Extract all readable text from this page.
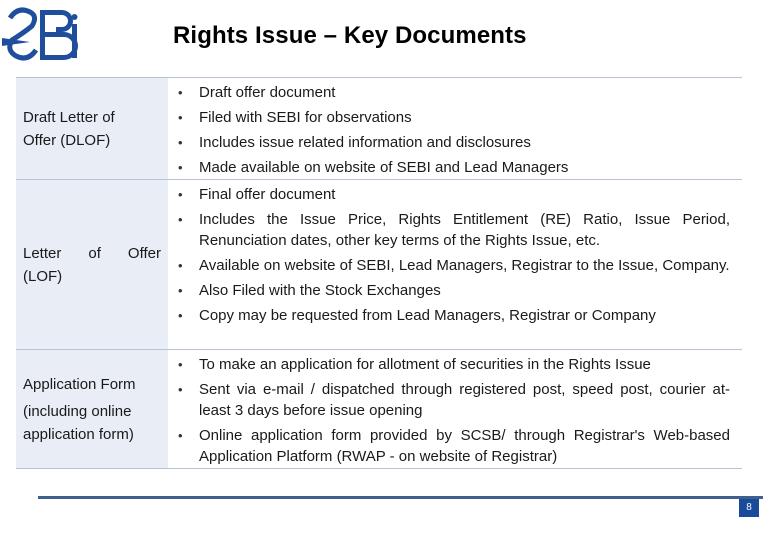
Rights Issue – Key Documents
Draft Letter of
Offer (DLOF)
•	Draft offer document
•	Filed with SEBI for observations
•	Includes issue related information and disclosures
•	Made available on website of SEBI and Lead Managers
Letter of Offer
(LOF)
•	Final offer document
•	Includes the Issue Price, Rights Entitlement (RE) Ratio, Issue Period, Renunciation dates, other key terms of the Rights Issue, etc.
•	Available on website of SEBI, Lead Managers, Registrar to the Issue, Company.
•	Also Filed with the Stock Exchanges
•	Copy may be requested from Lead Managers, Registrar or Company
Application Form
(including online
application form)
•	To make an application for allotment of securities in the Rights Issue
•	Sent via e-mail / dispatched through registered post, speed post, courier at-least 3 days before issue opening
•	Online application form provided by SCSB/ through Registrar's Web-based Application Platform (RWAP - on website of Registrar)
8
